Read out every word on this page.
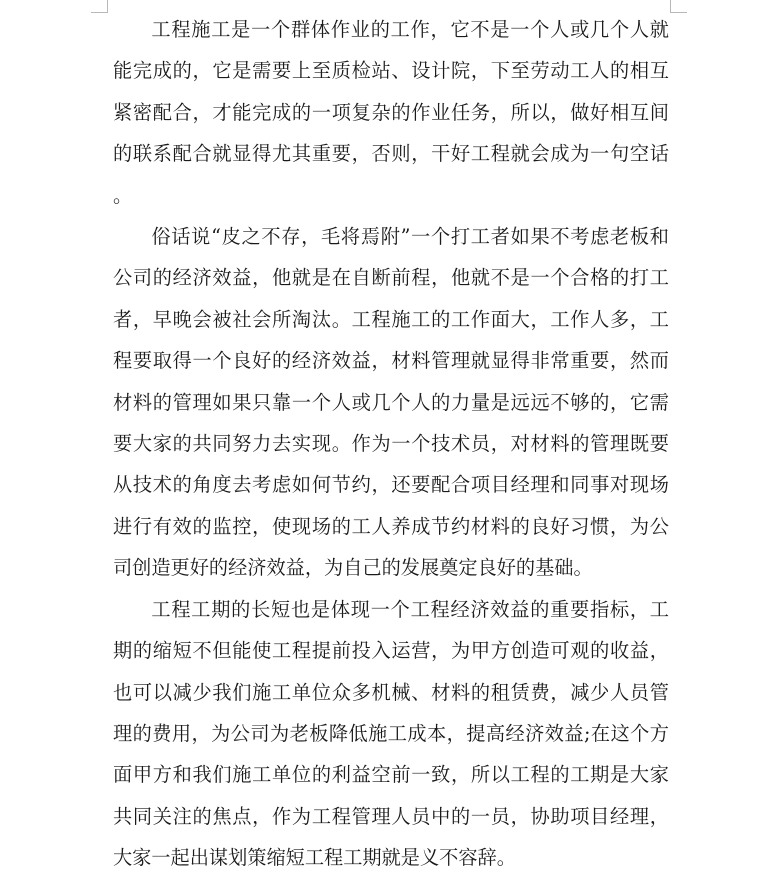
工程施工是一个群体作业的工作，它不是一个人或几个人就能完成的，它是需要上至质检站、设计院，下至劳动工人的相互紧密配合，才能完成的一项复杂的作业任务，所以，做好相互间的联系配合就显得尤其重要，否则，干好工程就会成为一句空话。

俗话说“皮之不存，毛将焉附”一个打工者如果不考虑老板和公司的经济效益，他就是在自断前程，他就不是一个合格的打工者，早晚会被社会所淘汰。工程施工的工作面大，工作人多，工程要取得一个良好的经济效益，材料管理就显得非常重要，然而材料的管理如果只靠一个人或几个人的力量是远远不够的，它需要大家的共同努力去实现。作为一个技术员，对材料的管理既要从技术的角度去考虑如何节约，还要配合项目经理和同事对现场进行有效的监控，使现场的工人养成节约材料的良好习惯，为公司创造更好的经济效益，为自己的发展奠定良好的基础。

工程工期的长短也是体现一个工程经济效益的重要指标，工期的缩短不但能使工程提前投入运营，为甲方创造可观的收益，也可以减少我们施工单位众多机械、材料的租赁费，减少人员管理的费用，为公司为老板降低施工成本，提高经济效益;在这个方面甲方和我们施工单位的利益空前一致，所以工程的工期是大家共同关注的焦点，作为工程管理人员中的一员，协助项目经理，大家一起出谋划策缩短工程工期就是义不容辞。
